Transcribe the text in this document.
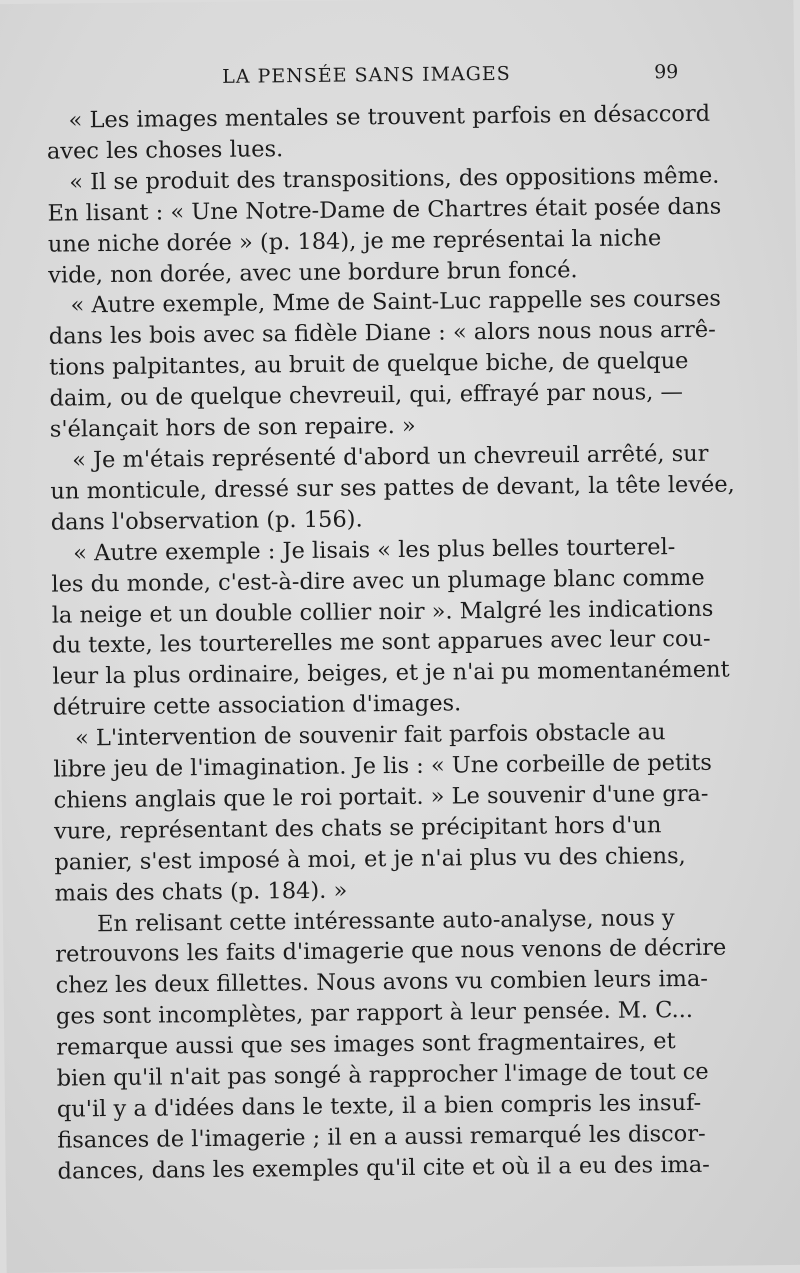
LA PENSÉE SANS IMAGES	99

« Les images mentales se trouvent parfois en désaccord
avec les choses lues.

« Il se produit des transpositions, des oppositions même.
En lisant : « Une Notre-Dame de Chartres était posée dans
une niche dorée » (p. 184), je me représentai la niche
vide, non dorée, avec une bordure brun foncé.

« Autre exemple, Mme de Saint-Luc rappelle ses courses
dans les bois avec sa fidèle Diane : « alors nous nous arrê-
tions palpitantes, au bruit de quelque biche, de quelque
daim, ou de quelque chevreuil, qui, effrayé par nous, —
s'élançait hors de son repaire. »

« Je m'étais représenté d'abord un chevreuil arrêté, sur
un monticule, dressé sur ses pattes de devant, la tête levée,
dans l'observation (p. 156).

« Autre exemple : Je lisais « les plus belles tourterel-
les du monde, c'est-à-dire avec un plumage blanc comme
la neige et un double collier noir ». Malgré les indications
du texte, les tourterelles me sont apparues avec leur cou-
leur la plus ordinaire, beiges, et je n'ai pu momentanément
détruire cette association d'images.

« L'intervention de souvenir fait parfois obstacle au
libre jeu de l'imagination. Je lis : « Une corbeille de petits
chiens anglais que le roi portait. » Le souvenir d'une gra-
vure, représentant des chats se précipitant hors d'un
panier, s'est imposé à moi, et je n'ai plus vu des chiens,
mais des chats (p. 184). »

En relisant cette intéressante auto-analyse, nous y
retrouvons les faits d'imagerie que nous venons de décrire
chez les deux fillettes. Nous avons vu combien leurs ima-
ges sont incomplètes, par rapport à leur pensée. M. C...
remarque aussi que ses images sont fragmentaires, et
bien qu'il n'ait pas songé à rapprocher l'image de tout ce
qu'il y a d'idées dans le texte, il a bien compris les insuf-
fisances de l'imagerie ; il en a aussi remarqué les discor-
dances, dans les exemples qu'il cite et où il a eu des ima-
